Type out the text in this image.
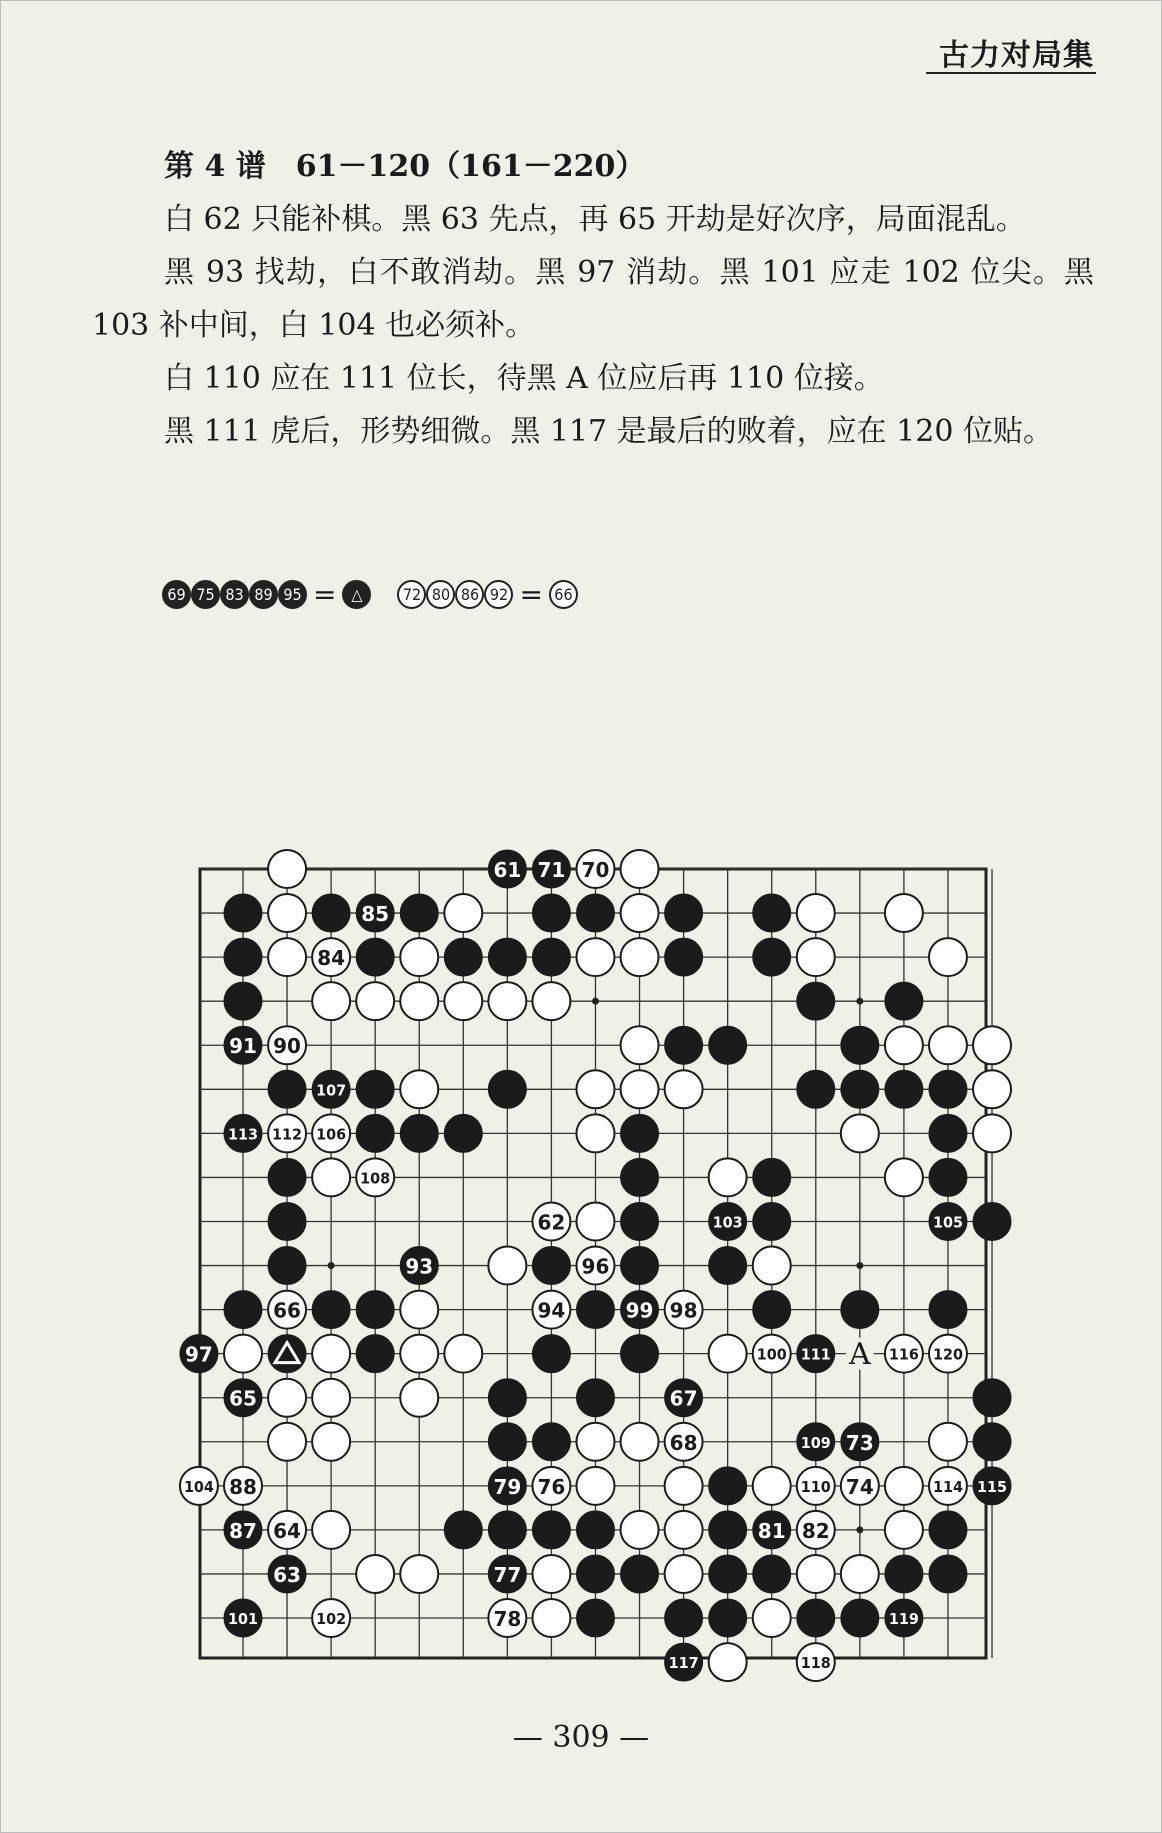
古力对局集

第 4 谱　61－120（161－220）

白 62 只能补棋。黑 63 先点，再 65 开劫是好次序，局面混乱。

黑 93 找劫，白不敢消劫。黑 97 消劫。黑 101 应走 102 位尖。黑 103 补中间，白 104 也必须补。

白 110 应在 111 位长，待黑 A 位应后再 110 位接。

黑 111 虎后，形势细微。黑 117 是最后的败着，应在 120 位贴。

69 75 83 89 95 = △	72 80 86 92 = 66
61 71 70
85
84
91 90
107
113 112 106
108
62	103	105
93	96
66	94	99 98
97	100 111	116 120
65	67
68	109 73
104 88	79 76	110 74	114 115
87 64	81 82
63	77
101	102	78	119
117	118
A
— 309 —
